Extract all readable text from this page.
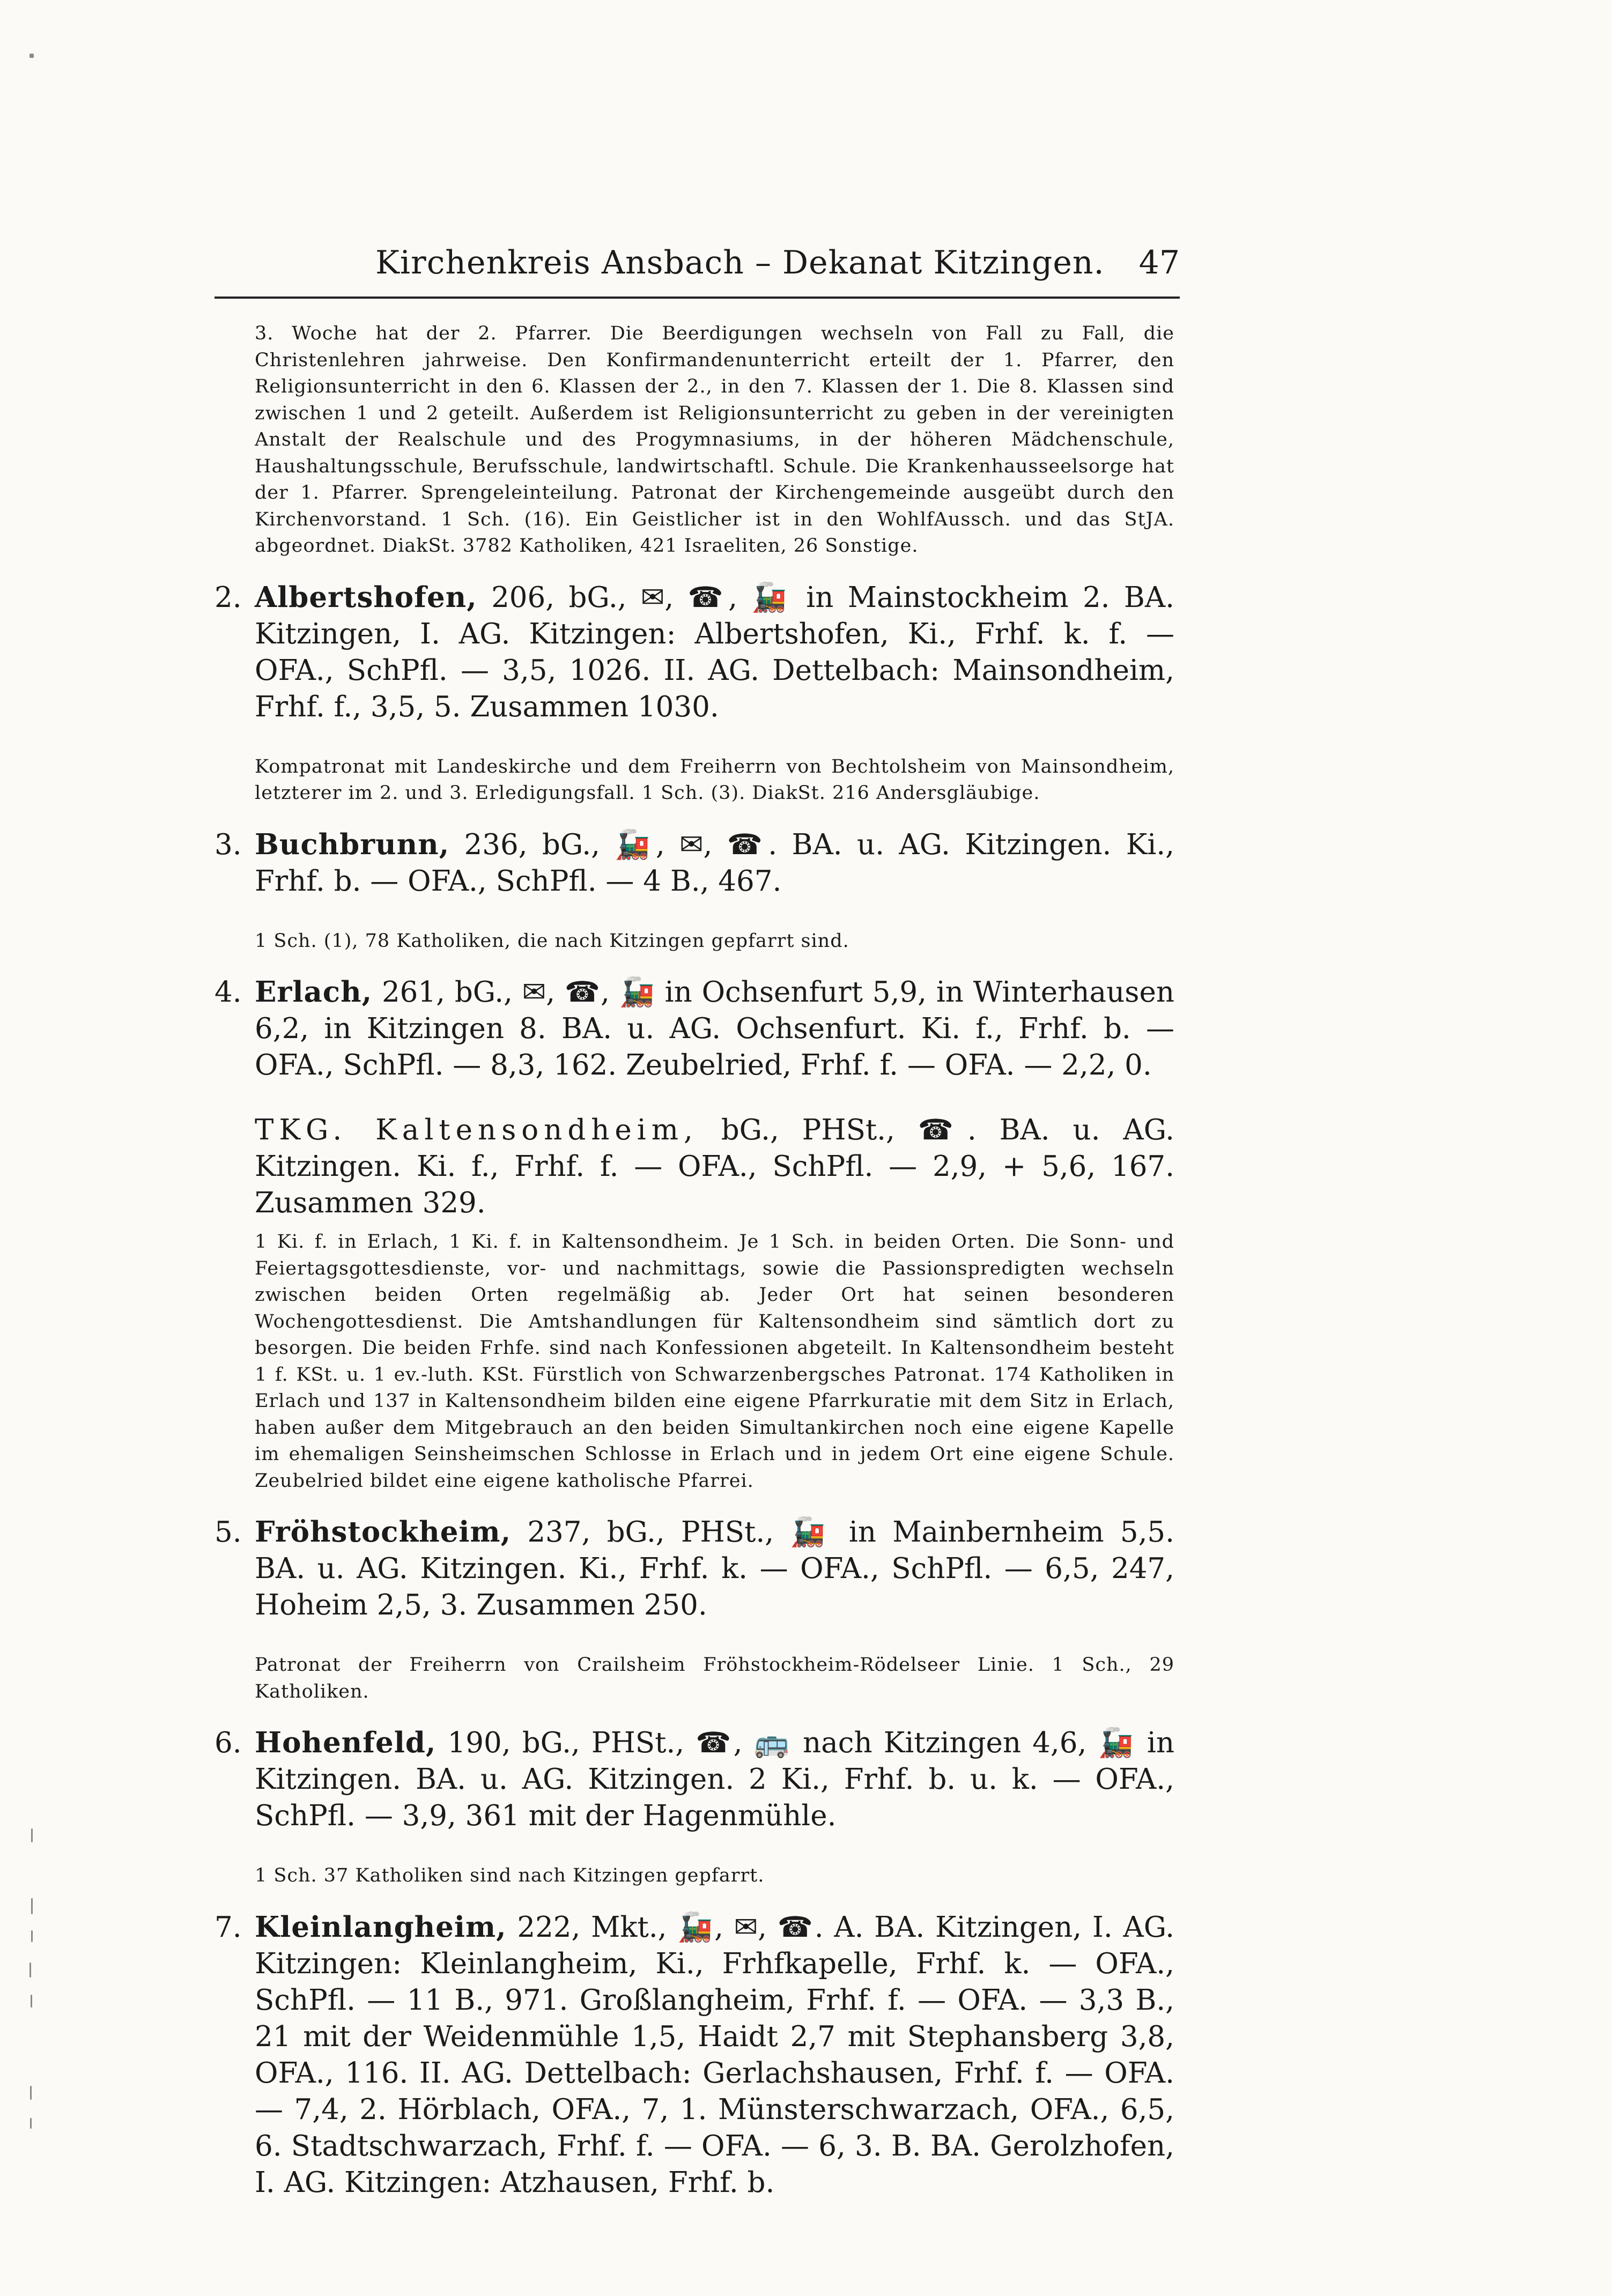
Kirchenkreis Ansbach – Dekanat Kitzingen. 47

3. Woche hat der 2. Pfarrer. Die Beerdigungen wechseln von Fall zu Fall, die Christenlehren jahrweise. Den Konfirmandenunterricht erteilt der 1. Pfarrer, den Religionsunterricht in den 6. Klassen der 2., in den 7. Klassen der 1. Die 8. Klassen sind zwischen 1 und 2 geteilt. Außerdem ist Religionsunterricht zu geben in der vereinigten Anstalt der Realschule und des Progymnasiums, in der höheren Mädchenschule, Haushaltungsschule, Berufsschule, landwirtschaftl. Schule. Die Krankenhausseelsorge hat der 1. Pfarrer. Sprengeleinteilung. Patronat der Kirchengemeinde ausgeübt durch den Kirchenvorstand. 1 Sch. (16). Ein Geistlicher ist in den WohlfAussch. und das StJA. abgeordnet. DiakSt. 3782 Katholiken, 421 Israeliten, 26 Sonstige.

2. Albertshofen, 206, bG., ✉, ☎, 🚂 in Mainstockheim 2. BA. Kitzingen, I. AG. Kitzingen: Albertshofen, Ki., Frhf. k. f. — OFA., SchPfl. — 3,5, 1026. II. AG. Dettelbach: Mainsondheim, Frhf. f., 3,5, 5. Zusammen 1030.

Kompatronat mit Landeskirche und dem Freiherrn von Bechtolsheim von Mainsondheim, letzterer im 2. und 3. Erledigungsfall. 1 Sch. (3). DiakSt. 216 Andersgläubige.

3. Buchbrunn, 236, bG., 🚂, ✉, ☎. BA. u. AG. Kitzingen. Ki., Frhf. b. — OFA., SchPfl. — 4 B., 467.

1 Sch. (1), 78 Katholiken, die nach Kitzingen gepfarrt sind.

4. Erlach, 261, bG., ✉, ☎, 🚂 in Ochsenfurt 5,9, in Winterhausen 6,2, in Kitzingen 8. BA. u. AG. Ochsenfurt. Ki. f., Frhf. b. — OFA., SchPfl. — 8,3, 162. Zeubelried, Frhf. f. — OFA. — 2,2, 0.

TKG. Kaltensondheim, bG., PHSt., ☎. BA. u. AG. Kitzingen. Ki. f., Frhf. f. — OFA., SchPfl. — 2,9, + 5,6, 167. Zusammen 329.

1 Ki. f. in Erlach, 1 Ki. f. in Kaltensondheim. Je 1 Sch. in beiden Orten. Die Sonn- und Feiertagsgottesdienste, vor- und nachmittags, sowie die Passionspredigten wechseln zwischen beiden Orten regelmäßig ab. Jeder Ort hat seinen besonderen Wochengottesdienst. Die Amtshandlungen für Kaltensondheim sind sämtlich dort zu besorgen. Die beiden Frhfe. sind nach Konfessionen abgeteilt. In Kaltensondheim besteht 1 f. KSt. u. 1 ev.-luth. KSt. Fürstlich von Schwarzenbergsches Patronat. 174 Katholiken in Erlach und 137 in Kaltensondheim bilden eine eigene Pfarrkuratie mit dem Sitz in Erlach, haben außer dem Mitgebrauch an den beiden Simultankirchen noch eine eigene Kapelle im ehemaligen Seinsheimschen Schlosse in Erlach und in jedem Ort eine eigene Schule. Zeubelried bildet eine eigene katholische Pfarrei.

5. Fröhstockheim, 237, bG., PHSt., 🚂 in Mainbernheim 5,5. BA. u. AG. Kitzingen. Ki., Frhf. k. — OFA., SchPfl. — 6,5, 247, Hoheim 2,5, 3. Zusammen 250.

Patronat der Freiherrn von Crailsheim Fröhstockheim-Rödelseer Linie. 1 Sch., 29 Katholiken.

6. Hohenfeld, 190, bG., PHSt., ☎, 🚌 nach Kitzingen 4,6, 🚂 in Kitzingen. BA. u. AG. Kitzingen. 2 Ki., Frhf. b. u. k. — OFA., SchPfl. — 3,9, 361 mit der Hagenmühle.

1 Sch. 37 Katholiken sind nach Kitzingen gepfarrt.

7. Kleinlangheim, 222, Mkt., 🚂, ✉, ☎. A. BA. Kitzingen, I. AG. Kitzingen: Kleinlangheim, Ki., Frhfkapelle, Frhf. k. — OFA., SchPfl. — 11 B., 971. Großlangheim, Frhf. f. — OFA. — 3,3 B., 21 mit der Weidenmühle 1,5, Haidt 2,7 mit Stephansberg 3,8, OFA., 116. II. AG. Dettelbach: Gerlachshausen, Frhf. f. — OFA. — 7,4, 2. Hörblach, OFA., 7, 1. Münsterschwarzach, OFA., 6,5, 6. Stadtschwarzach, Frhf. f. — OFA. — 6, 3. B. BA. Gerolzhofen, I. AG. Kitzingen: Atzhausen, Frhf. b.
